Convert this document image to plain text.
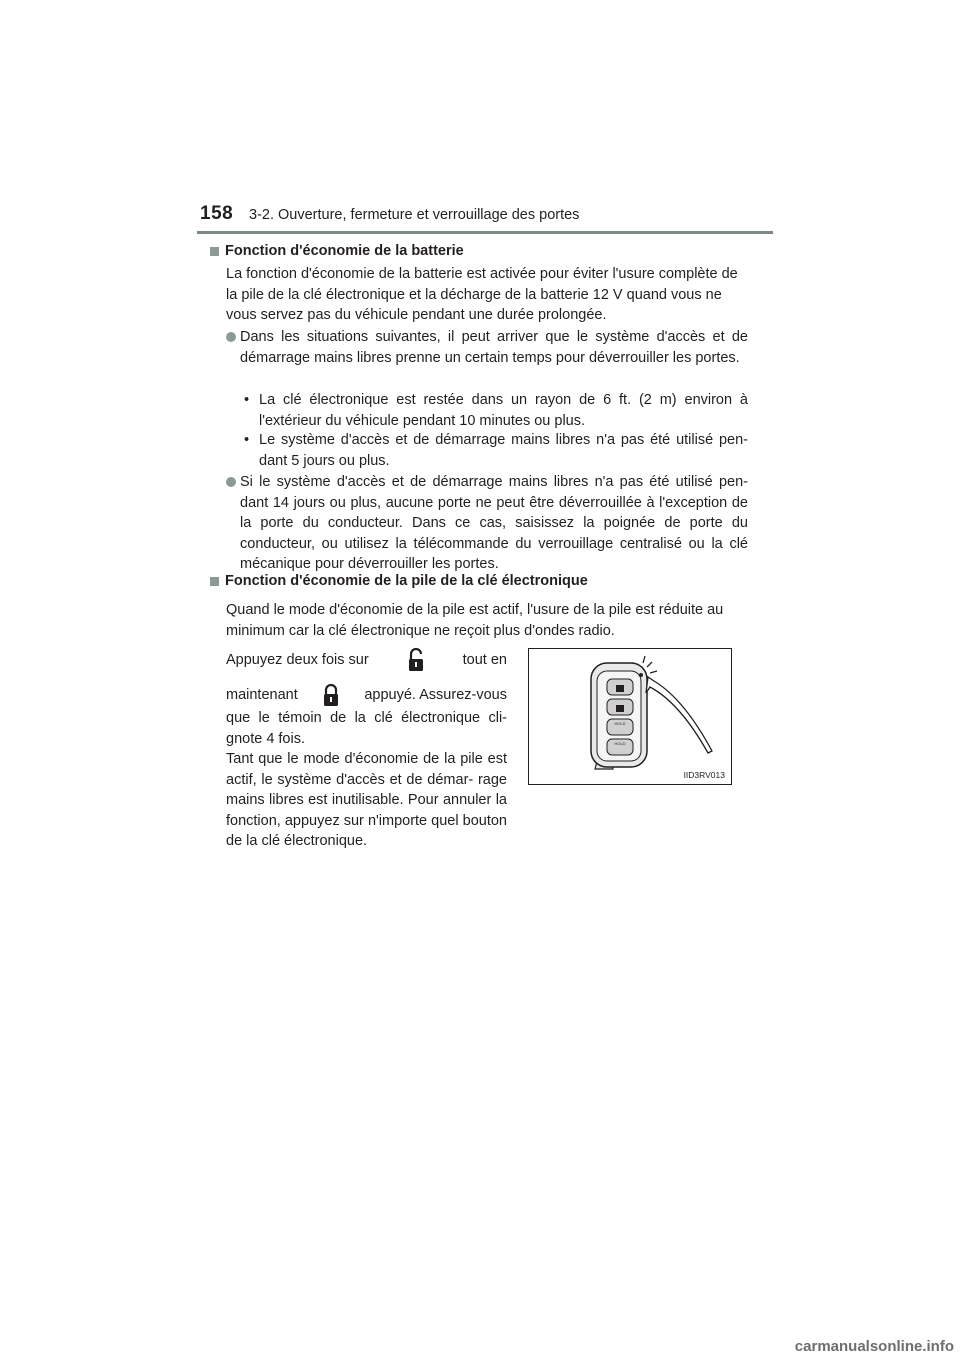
158 3-2. Ouverture, fermeture et verrouillage des portes
Fonction d'économie de la batterie
La fonction d'économie de la batterie est activée pour éviter l'usure complète de la pile de la clé électronique et la décharge de la batterie 12 V quand vous ne vous servez pas du véhicule pendant une durée prolongée.
Dans les situations suivantes, il peut arriver que le système d'accès et de démarrage mains libres prenne un certain temps pour déverrouiller les portes.
• La clé électronique est restée dans un rayon de 6 ft. (2 m) environ à l'extérieur du véhicule pendant 10 minutes ou plus.
• Le système d'accès et de démarrage mains libres n'a pas été utilisé pen- dant 5 jours ou plus.
Si le système d'accès et de démarrage mains libres n'a pas été utilisé pen- dant 14 jours ou plus, aucune porte ne peut être déverrouillée à l'exception de la porte du conducteur. Dans ce cas, saisissez la poignée de porte du conducteur, ou utilisez la télécommande du verrouillage centralisé ou la clé mécanique pour déverrouiller les portes.
Fonction d'économie de la pile de la clé électronique
Quand le mode d'économie de la pile est actif, l'usure de la pile est réduite au minimum car la clé électronique ne reçoit plus d'ondes radio.
Appuyez deux fois sur	tout en
maintenant	appuyé. Assurez-vous
que le témoin de la clé électronique cli- gnote 4 fois.
Tant que le mode d'économie de la pile est actif, le système d'accès et de démar- rage mains libres est inutilisable. Pour annuler la fonction, appuyez sur n'importe quel bouton de la clé électronique.
HOLD
HOLD
IID3RV013
carmanualsonline.info
